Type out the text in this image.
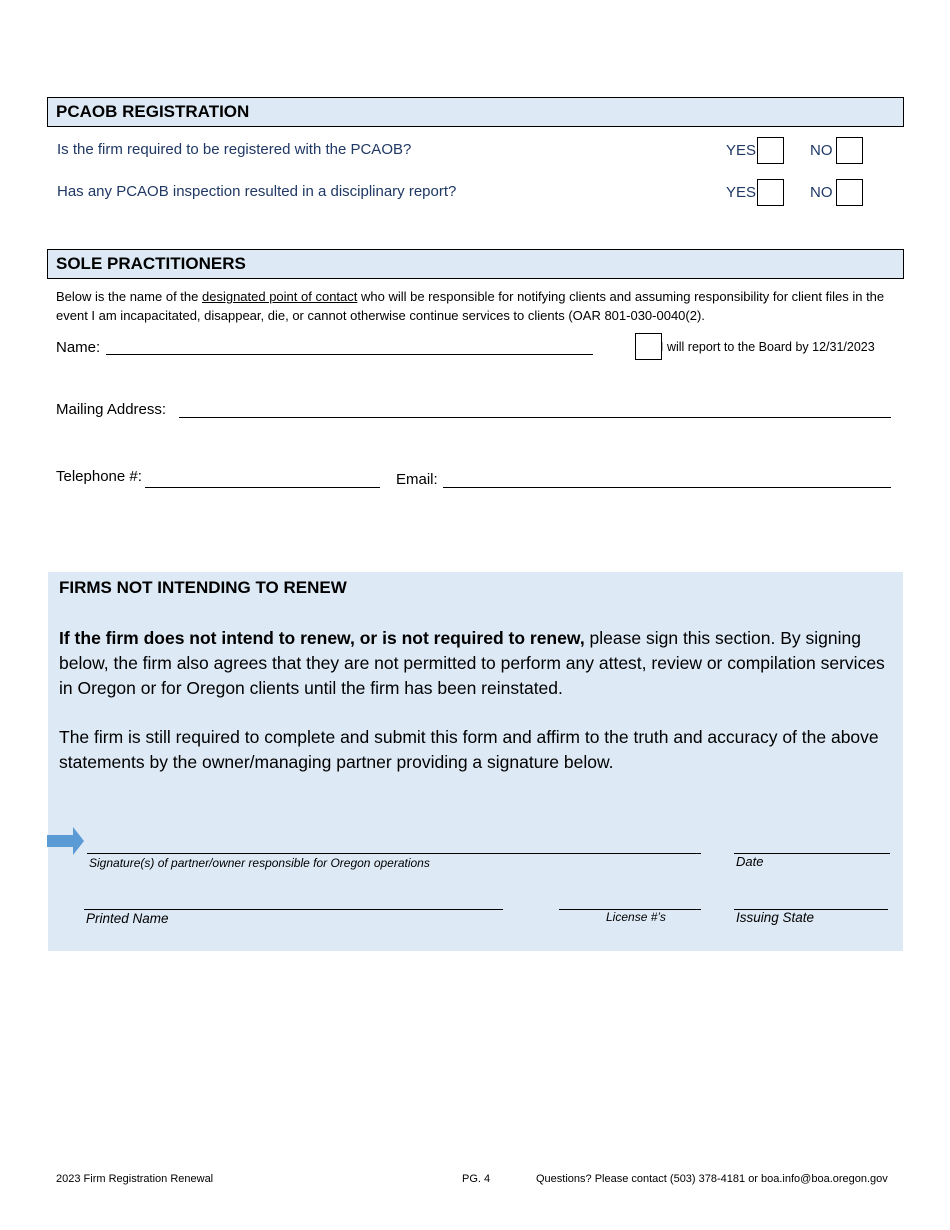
PCAOB REGISTRATION
Is the firm required to be registered with the PCAOB?	YES	NO
Has any PCAOB inspection resulted in a disciplinary report?	YES	NO
SOLE PRACTITIONERS
Below is the name of the designated point of contact who will be responsible for notifying clients and assuming responsibility for client files in the event I am incapacitated, disappear, die, or cannot otherwise continue services to clients (OAR 801-030-0040(2).
Name:	I will report to the Board by 12/31/2023
Mailing Address:
Telephone #:	Email:
FIRMS NOT INTENDING TO RENEW
If the firm does not intend to renew, or is not required to renew, please sign this section. By signing below, the firm also agrees that they are not permitted to perform any attest, review or compilation services in Oregon or for Oregon clients until the firm has been reinstated.
The firm is still required to complete and submit this form and affirm to the truth and accuracy of the above statements by the owner/managing partner providing a signature below.
Signature(s) of partner/owner responsible for Oregon operations	Date
Printed Name	License #’s	Issuing State
2023 Firm Registration Renewal	PG. 4	Questions? Please contact (503) 378-4181 or boa.info@boa.oregon.gov
